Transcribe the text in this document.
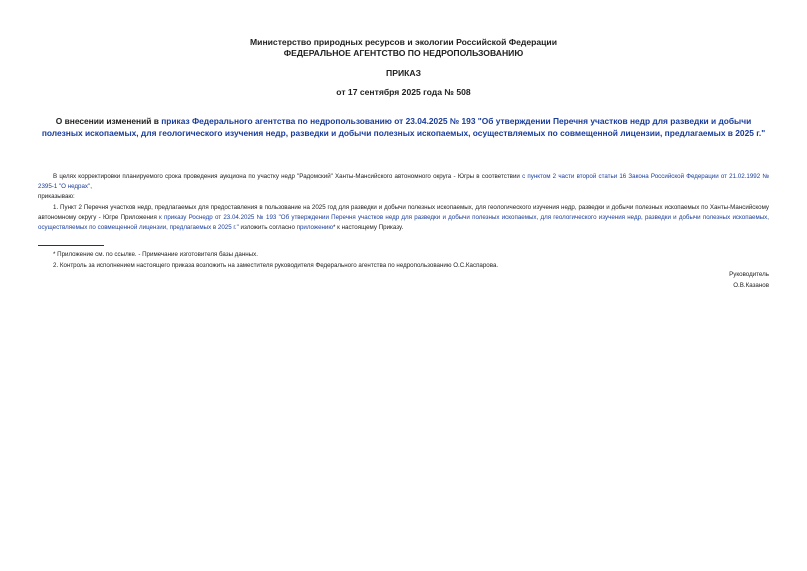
Министерство природных ресурсов и экологии Российской Федерации
ФЕДЕРАЛЬНОЕ АГЕНТСТВО ПО НЕДРОПОЛЬЗОВАНИЮ
ПРИКАЗ
от 17 сентября 2025 года № 508
О внесении изменений в приказ Федерального агентства по недропользованию от 23.04.2025 № 193 "Об утверждении Перечня участков недр для разведки и добычи полезных ископаемых, для геологического изучения недр, разведки и добычи полезных ископаемых, осуществляемых по совмещенной лицензии, предлагаемых в 2025 г."

В целях корректировки планируемого срока проведения аукциона по участку недр "Радомский" Ханты-Мансийского автономного округа - Югры в соответствии с пунктом 2 части второй статьи 16 Закона Российской Федерации от 21.02.1992 № 2395-1 "О недрах",

приказываю:

1. Пункт 2 Перечня участков недр, предлагаемых для предоставления в пользование на 2025 год для разведки и добычи полезных ископаемых, для геологического изучения недр, разведки и добычи полезных ископаемых по Ханты-Мансийскому автономному округу - Югре Приложения к приказу Роснедр от 23.04.2025 № 193 "Об утверждении Перечня участков недр для разведки и добычи полезных ископаемых, для геологического изучения недр, разведки и добычи полезных ископаемых, осуществляемых по совмещенной лицензии, предлагаемых в 2025 г." изложить согласно приложению* к настоящему Приказу.

* Приложение см. по ссылке. - Примечание изготовителя базы данных.

2. Контроль за исполнением настоящего приказа возложить на заместителя руководителя Федерального агентства по недропользованию О.С.Каспарова.

Руководитель
О.В.Казанов
